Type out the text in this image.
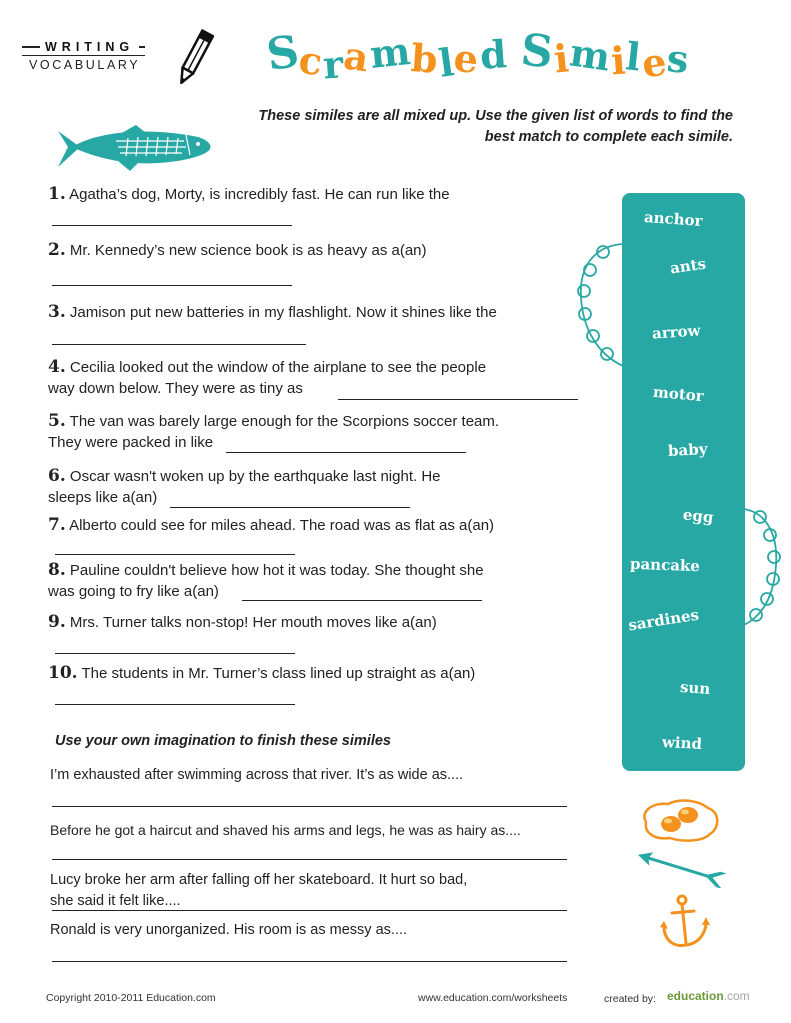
WRITING
VOCABULARY	Scrambled Similes
These similes are all mixed up. Use the given list of words to find the best match to complete each simile.
1. Agatha’s dog, Morty, is incredibly fast. He can run like the
2. Mr. Kennedy’s new science book is as heavy as a(an)
3. Jamison put new batteries in my flashlight. Now it shines like the
4. Cecilia looked out the window of the airplane to see the people
way down below. They were as tiny as
5. The van was barely large enough for the Scorpions soccer team.
They were packed in like
6. Oscar wasn't woken up by the earthquake last night. He
sleeps like a(an)
7. Alberto could see for miles ahead. The road was as flat as a(an)
8. Pauline couldn't believe how hot it was today. She thought she
was going to fry like a(an)
9. Mrs. Turner talks non-stop! Her mouth moves like a(an)
10. The students in Mr. Turner’s class lined up straight as a(an)
Use your own imagination to finish these similes
I’m exhausted after swimming across that river. It’s as wide as....
Before he got a haircut and shaved his arms and legs, he was as hairy as....
Lucy broke her arm after falling off her skateboard. It hurt so bad,
she said it felt like....
Ronald is very unorganized. His room is as messy as....
anchor
ants
arrow
motor
baby
egg
pancake
sardines
sun
wind
Copyright 2010-2011 Education.com	www.education.com/worksheets	created by: education.com
